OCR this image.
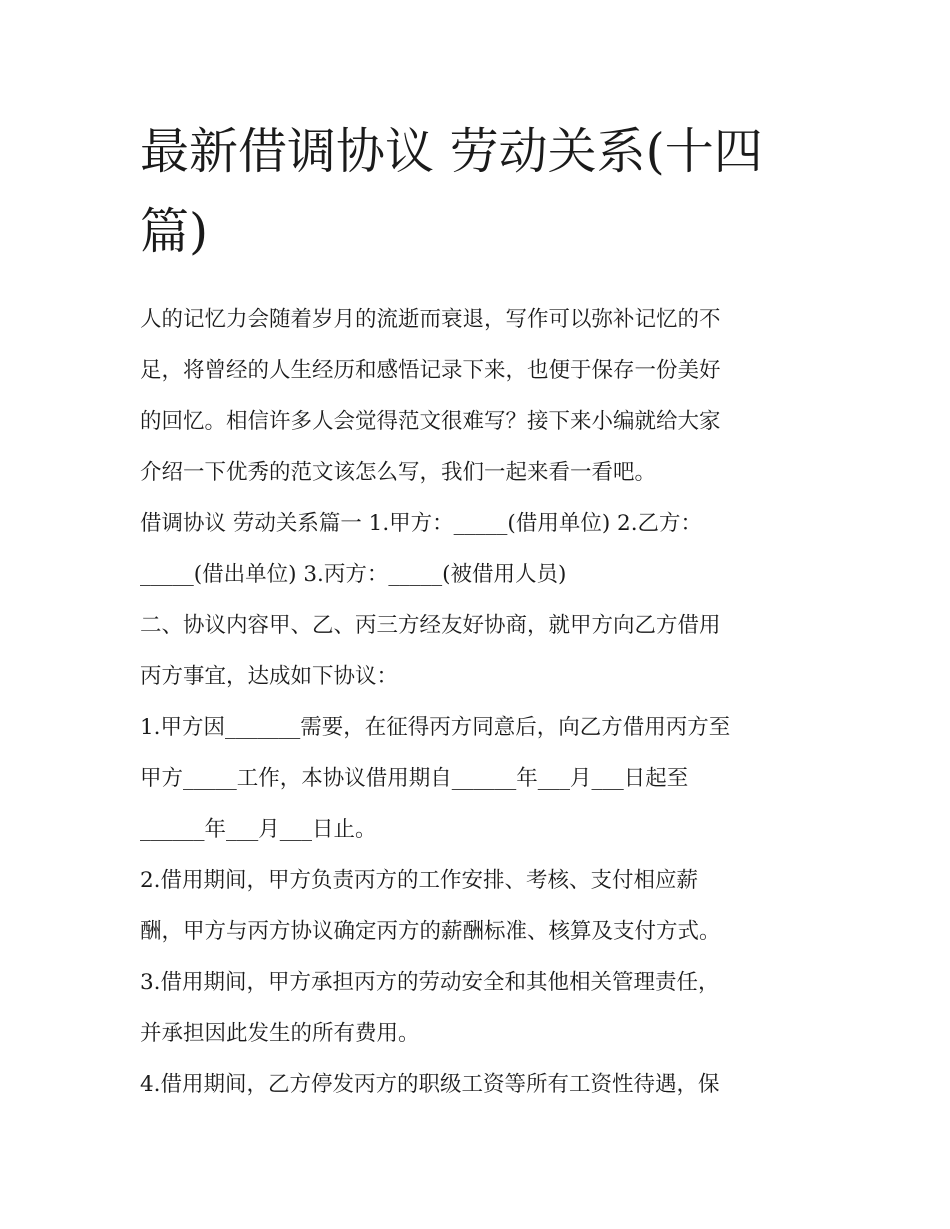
最新借调协议 劳动关系(十四
篇)
人的记忆力会随着岁月的流逝而衰退，写作可以弥补记忆的不
足，将曾经的人生经历和感悟记录下来，也便于保存一份美好
的回忆。相信许多人会觉得范文很难写？接下来小编就给大家
介绍一下优秀的范文该怎么写，我们一起来看一看吧。
借调协议 劳动关系篇一 1.甲方：_____(借用单位) 2.乙方：
_____(借出单位) 3.丙方：_____(被借用人员)
二、协议内容甲、乙、丙三方经友好协商，就甲方向乙方借用
丙方事宜，达成如下协议：
1.甲方因_______需要，在征得丙方同意后，向乙方借用丙方至
甲方_____工作，本协议借用期自______年___月___日起至
______年___月___日止。
2.借用期间，甲方负责丙方的工作安排、考核、支付相应薪
酬，甲方与丙方协议确定丙方的薪酬标准、核算及支付方式。
3.借用期间，甲方承担丙方的劳动安全和其他相关管理责任，
并承担因此发生的所有费用。
4.借用期间，乙方停发丙方的职级工资等所有工资性待遇，保
